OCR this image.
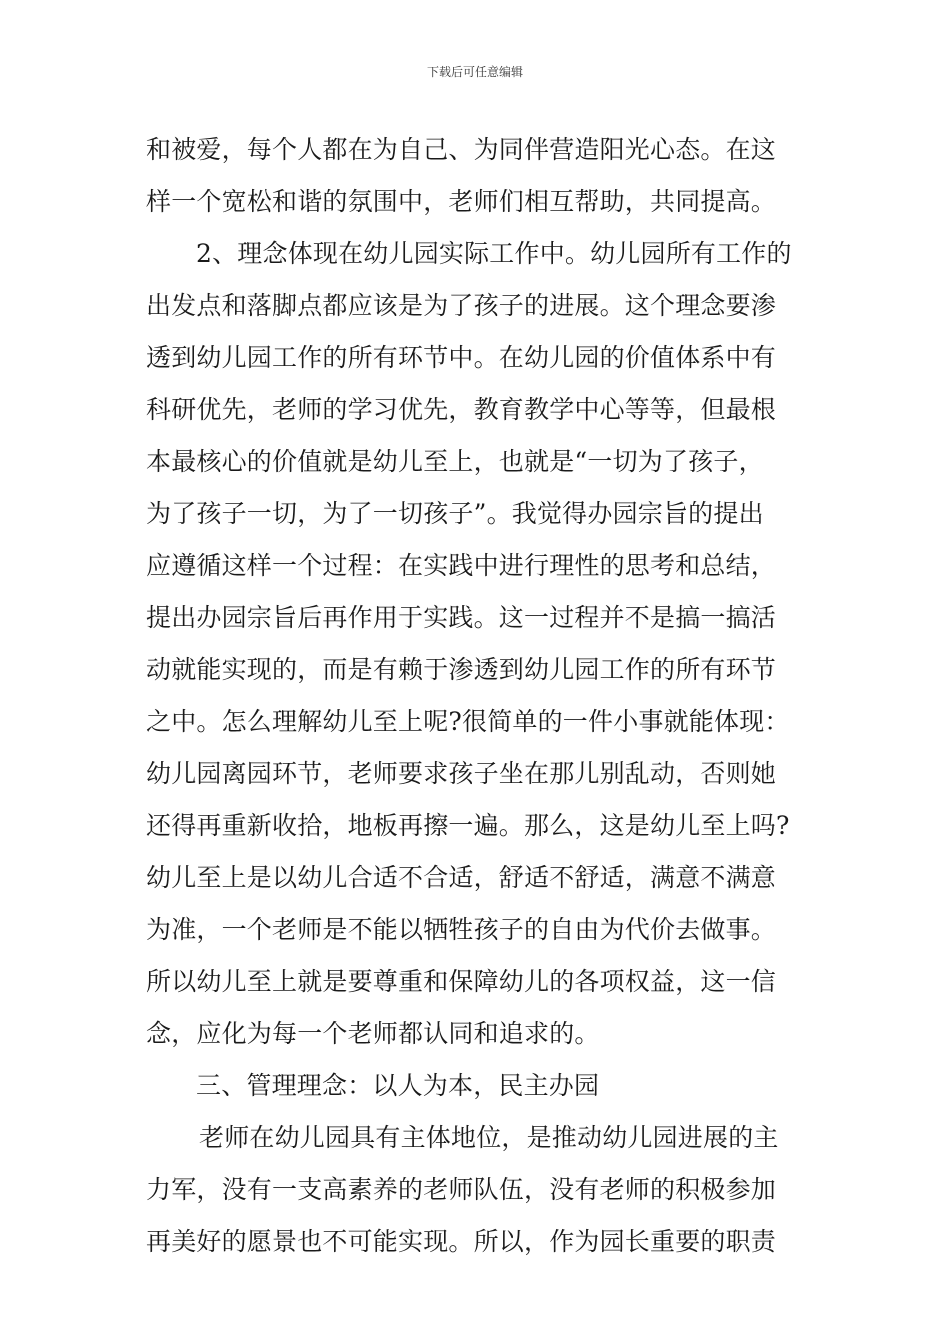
下载后可任意编辑
和被爱，每个人都在为自己、为同伴营造阳光心态。在这
样一个宽松和谐的氛围中，老师们相互帮助，共同提高。
2、理念体现在幼儿园实际工作中。幼儿园所有工作的
出发点和落脚点都应该是为了孩子的进展。这个理念要渗
透到幼儿园工作的所有环节中。在幼儿园的价值体系中有
科研优先，老师的学习优先，教育教学中心等等，但最根
本最核心的价值就是幼儿至上，也就是“一切为了孩子，
为了孩子一切，为了一切孩子”。我觉得办园宗旨的提出
应遵循这样一个过程：在实践中进行理性的思考和总结，
提出办园宗旨后再作用于实践。这一过程并不是搞一搞活
动就能实现的，而是有赖于渗透到幼儿园工作的所有环节
之中。怎么理解幼儿至上呢?很简单的一件小事就能体现：
幼儿园离园环节，老师要求孩子坐在那儿别乱动，否则她
还得再重新收拾，地板再擦一遍。那么，这是幼儿至上吗?
幼儿至上是以幼儿合适不合适，舒适不舒适，满意不满意
为准，一个老师是不能以牺牲孩子的自由为代价去做事。
所以幼儿至上就是要尊重和保障幼儿的各项权益，这一信
念，应化为每一个老师都认同和追求的。
三、管理理念：以人为本，民主办园
老师在幼儿园具有主体地位，是推动幼儿园进展的主
力军，没有一支高素养的老师队伍，没有老师的积极参加
再美好的愿景也不可能实现。所以，作为园长重要的职责
